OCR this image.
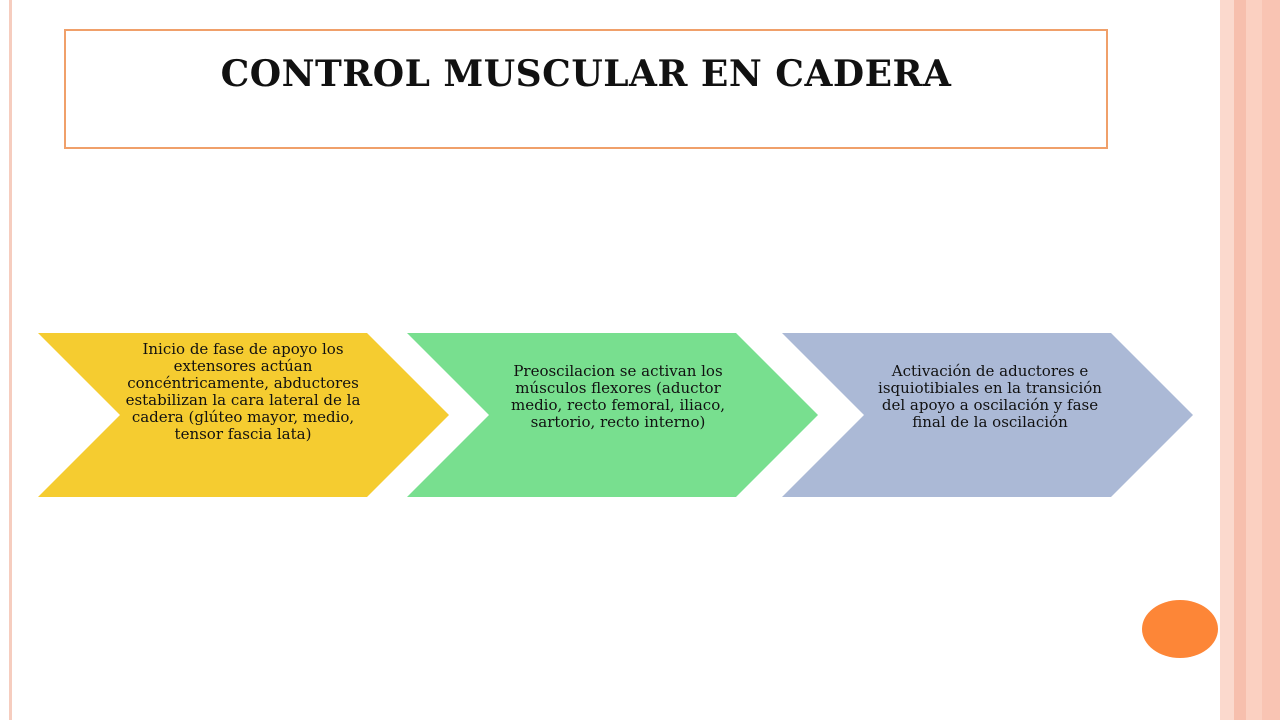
CONTROL MUSCULAR EN CADERA

Inicio de fase de apoyo los extensores actúan concéntricamente, abductores estabilizan la cara lateral de la cadera (glúteo mayor, medio, tensor fascia lata)

Preoscilacion se activan los músculos flexores (aductor medio, recto femoral, iliaco, sartorio, recto interno)

Activación de aductores e isquiotibiales en la transición del apoyo a oscilación y fase final de la oscilación
